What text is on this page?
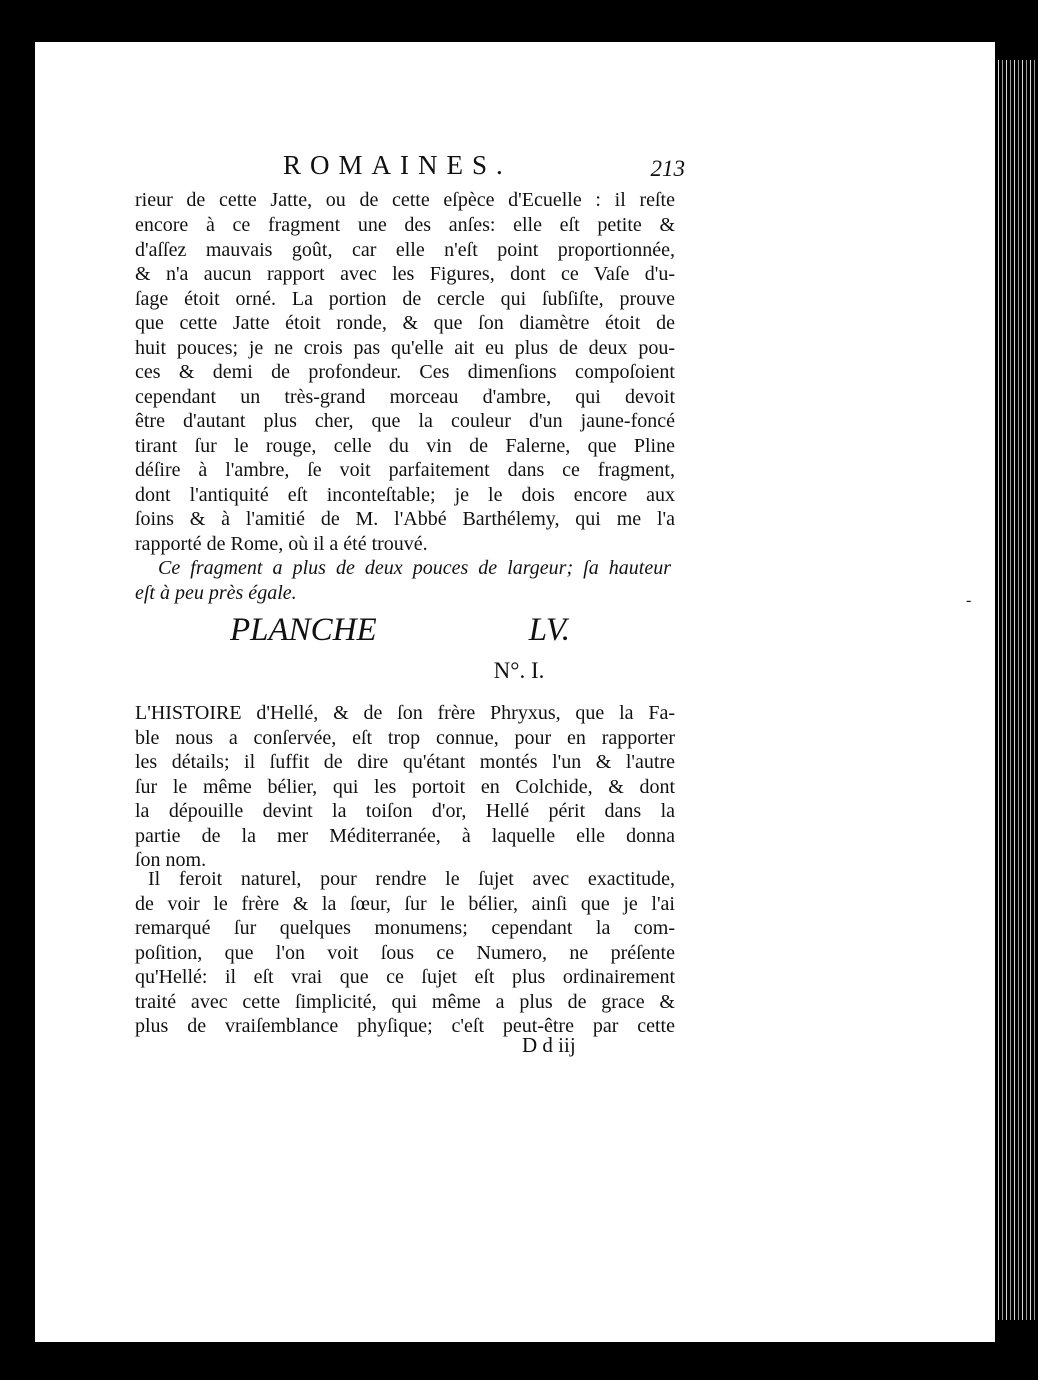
ROMAINES.	213
rieur de cette Jatte, ou de cette eſpèce d'Ecuelle : il reſte
encore à ce fragment une des anſes: elle eſt petite &
d'aſſez mauvais goût, car elle n'eſt point proportionnée,
& n'a aucun rapport avec les Figures, dont ce Vaſe d'u-
ſage étoit orné. La portion de cercle qui ſubſiſte, prouve
que cette Jatte étoit ronde, & que ſon diamètre étoit de
huit pouces; je ne crois pas qu'elle ait eu plus de deux pou-
ces & demi de profondeur. Ces dimenſions compoſoient
cependant un très-grand morceau d'ambre, qui devoit
être d'autant plus cher, que la couleur d'un jaune-foncé
tirant ſur le rouge, celle du vin de Falerne, que Pline
déſire à l'ambre, ſe voit parfaitement dans ce fragment,
dont l'antiquité eſt inconteſtable; je le dois encore aux
ſoins & à l'amitié de M. l'Abbé Barthélemy, qui me l'a
rapporté de Rome, où il a été trouvé.
Ce fragment a plus de deux pouces de largeur; ſa hauteur
eſt à peu près égale.	-
PLANCHE LV.
N°. I.
L'HISTOIRE d'Hellé, & de ſon frère Phryxus, que la Fa-
ble nous a conſervée, eſt trop connue, pour en rapporter
les détails; il ſuffit de dire qu'étant montés l'un & l'autre
ſur le même bélier, qui les portoit en Colchide, & dont
la dépouille devint la toiſon d'or, Hellé périt dans la
partie de la mer Méditerranée, à laquelle elle donna
ſon nom.
Il feroit naturel, pour rendre le ſujet avec exactitude,
de voir le frère & la ſœur, ſur le bélier, ainſi que je l'ai
remarqué ſur quelques monumens; cependant la com-
poſition, que l'on voit ſous ce Numero, ne préſente
qu'Hellé: il eſt vrai que ce ſujet eſt plus ordinairement
traité avec cette ſimplicité, qui même a plus de grace &
plus de vraiſemblance phyſique; c'eſt peut-être par cette
D d iij
